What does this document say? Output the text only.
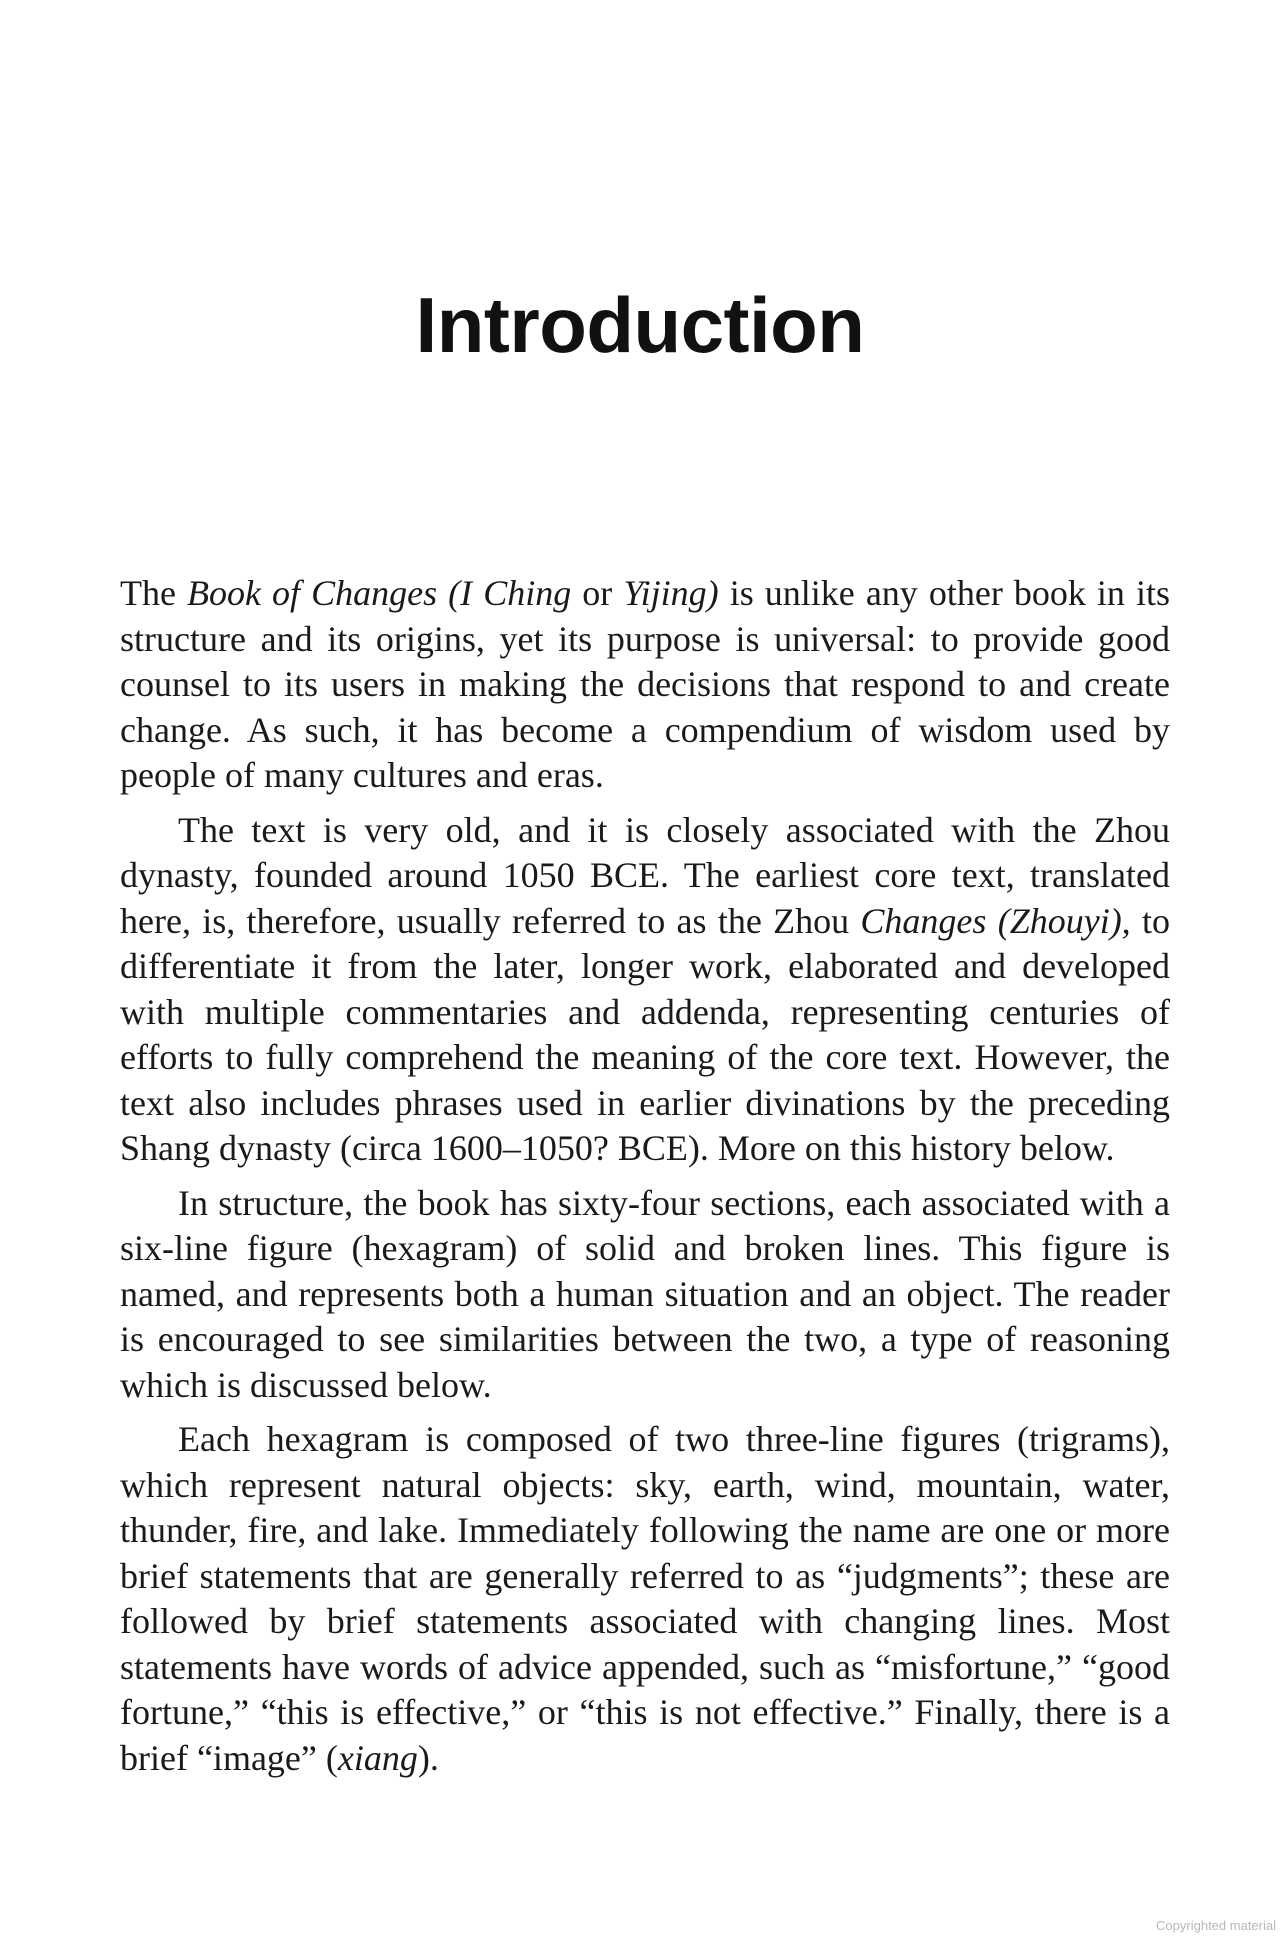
Introduction

The Book of Changes (I Ching or Yijing) is unlike any other book in its structure and its origins, yet its purpose is universal: to provide good counsel to its users in making the decisions that respond to and create change. As such, it has become a compendium of wisdom used by people of many cultures and eras.

The text is very old, and it is closely associated with the Zhou dynasty, founded around 1050 BCE. The earliest core text, translated here, is, therefore, usually referred to as the Zhou Changes (Zhouyi), to differentiate it from the later, longer work, elaborated and developed with multiple commentaries and addenda, representing centuries of efforts to fully comprehend the meaning of the core text. However, the text also includes phrases used in earlier divinations by the preceding Shang dynasty (circa 1600–1050? BCE). More on this history below.

In structure, the book has sixty-four sections, each associated with a six-line figure (hexagram) of solid and broken lines. This figure is named, and represents both a human situation and an object. The reader is encouraged to see similarities between the two, a type of reasoning which is discussed below.

Each hexagram is composed of two three-line figures (trigrams), which represent natural objects: sky, earth, wind, mountain, water, thunder, fire, and lake. Immediately following the name are one or more brief statements that are generally referred to as “judgments”; these are followed by brief statements associated with changing lines. Most statements have words of advice appended, such as “misfortune,” “good fortune,” “this is effective,” or “this is not effective.” Finally, there is a brief “image” (xiang).

Copyrighted material
